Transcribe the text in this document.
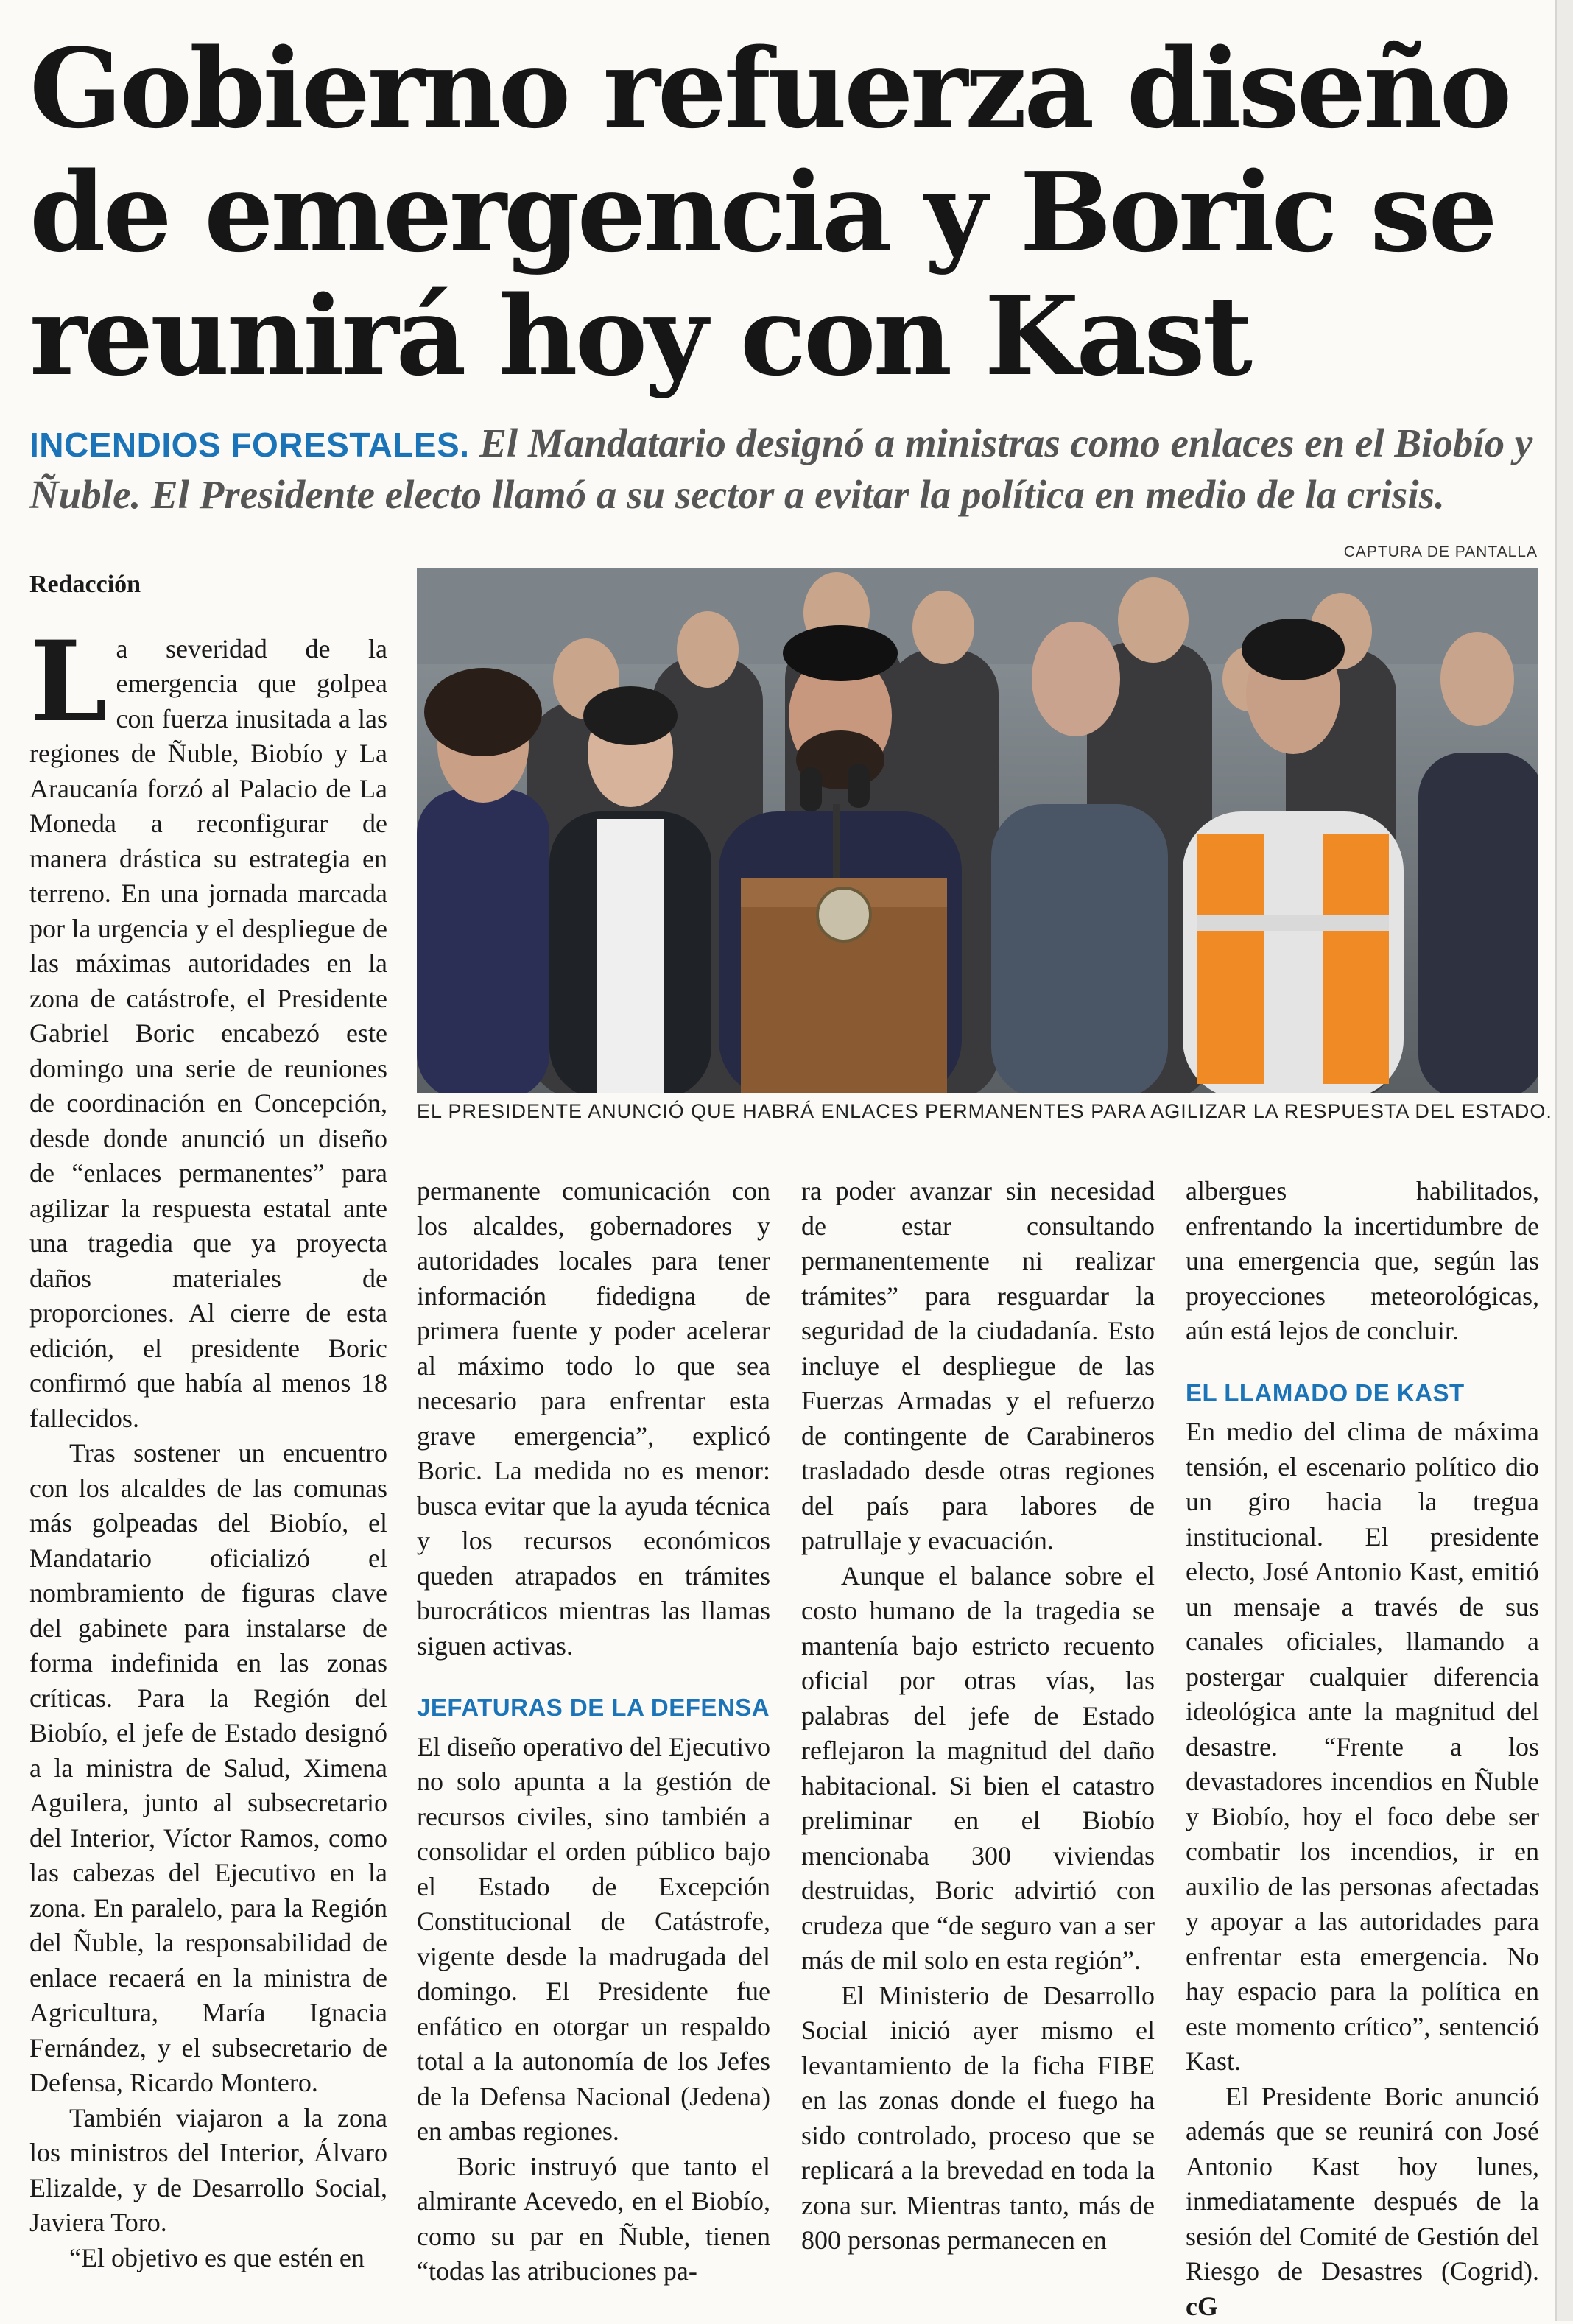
Gobierno refuerza diseño
de emergencia y Boric se
reunirá hoy con Kast
INCENDIOS FORESTALES. El Mandatario designó a ministras como enlaces en el Biobío y Ñuble. El Presidente electo llamó a su sector a evitar la política en medio de la crisis.
CAPTURA DE PANTALLA
EL PRESIDENTE ANUNCIÓ QUE HABRÁ ENLACES PERMANENTES PARA AGILIZAR LA RESPUESTA DEL ESTADO.

Redacción

La severidad de la emergencia que golpea con fuerza inusitada a las regiones de Ñuble, Biobío y La Araucanía forzó al Palacio de La Moneda a reconfigurar de manera drástica su estrategia en terreno. En una jornada marcada por la urgencia y el despliegue de las máximas autoridades en la zona de catástrofe, el Presidente Gabriel Boric encabezó este domingo una serie de reuniones de coordinación en Concepción, desde donde anunció un diseño de “enlaces permanentes” para agilizar la respuesta estatal ante una tragedia que ya proyecta daños materiales de proporciones. Al cierre de esta edición, el presidente Boric confirmó que había al menos 18 fallecidos.

Tras sostener un encuentro con los alcaldes de las comunas más golpeadas del Biobío, el Mandatario oficializó el nombramiento de figuras clave del gabinete para instalarse de forma indefinida en las zonas críticas. Para la Región del Biobío, el jefe de Estado designó a la ministra de Salud, Ximena Aguilera, junto al subsecretario del Interior, Víctor Ramos, como las cabezas del Ejecutivo en la zona. En paralelo, para la Región del Ñuble, la responsabilidad de enlace recaerá en la ministra de Agricultura, María Ignacia Fernández, y el subsecretario de Defensa, Ricardo Montero.

También viajaron a la zona los ministros del Interior, Álvaro Elizalde, y de Desarrollo Social, Javiera Toro.

“El objetivo es que estén en

permanente comunicación con los alcaldes, gobernadores y autoridades locales para tener información fidedigna de primera fuente y poder acelerar al máximo todo lo que sea necesario para enfrentar esta grave emergencia”, explicó Boric. La medida no es menor: busca evitar que la ayuda técnica y los recursos económicos queden atrapados en trámites burocráticos mientras las llamas siguen activas.

JEFATURAS DE LA DEFENSA

El diseño operativo del Ejecutivo no solo apunta a la gestión de recursos civiles, sino también a consolidar el orden público bajo el Estado de Excepción Constitucional de Catástrofe, vigente desde la madrugada del domingo. El Presidente fue enfático en otorgar un respaldo total a la autonomía de los Jefes de la Defensa Nacional (Jedena) en ambas regiones.

Boric instruyó que tanto el almirante Acevedo, en el Biobío, como su par en Ñuble, tienen “todas las atribuciones pa-

ra poder avanzar sin necesidad de estar consultando permanentemente ni realizar trámites” para resguardar la seguridad de la ciudadanía. Esto incluye el despliegue de las Fuerzas Armadas y el refuerzo de contingente de Carabineros trasladado desde otras regiones del país para labores de patrullaje y evacuación.

Aunque el balance sobre el costo humano de la tragedia se mantenía bajo estricto recuento oficial por otras vías, las palabras del jefe de Estado reflejaron la magnitud del daño habitacional. Si bien el catastro preliminar en el Biobío mencionaba 300 viviendas destruidas, Boric advirtió con crudeza que “de seguro van a ser más de mil solo en esta región”.

El Ministerio de Desarrollo Social inició ayer mismo el levantamiento de la ficha FIBE en las zonas donde el fuego ha sido controlado, proceso que se replicará a la brevedad en toda la zona sur. Mientras tanto, más de 800 personas permanecen en

albergues habilitados, enfrentando la incertidumbre de una emergencia que, según las proyecciones meteorológicas, aún está lejos de concluir.

EL LLAMADO DE KAST

En medio del clima de máxima tensión, el escenario político dio un giro hacia la tregua institucional. El presidente electo, José Antonio Kast, emitió un mensaje a través de sus canales oficiales, llamando a postergar cualquier diferencia ideológica ante la magnitud del desastre. “Frente a los devastadores incendios en Ñuble y Biobío, hoy el foco debe ser combatir los incendios, ir en auxilio de las personas afectadas y apoyar a las autoridades para enfrentar esta emergencia. No hay espacio para la política en este momento crítico”, sentenció Kast.

El Presidente Boric anunció además que se reunirá con José Antonio Kast hoy lunes, inmediatamente después de la sesión del Comité de Gestión del Riesgo de Desastres (Cogrid). cG
